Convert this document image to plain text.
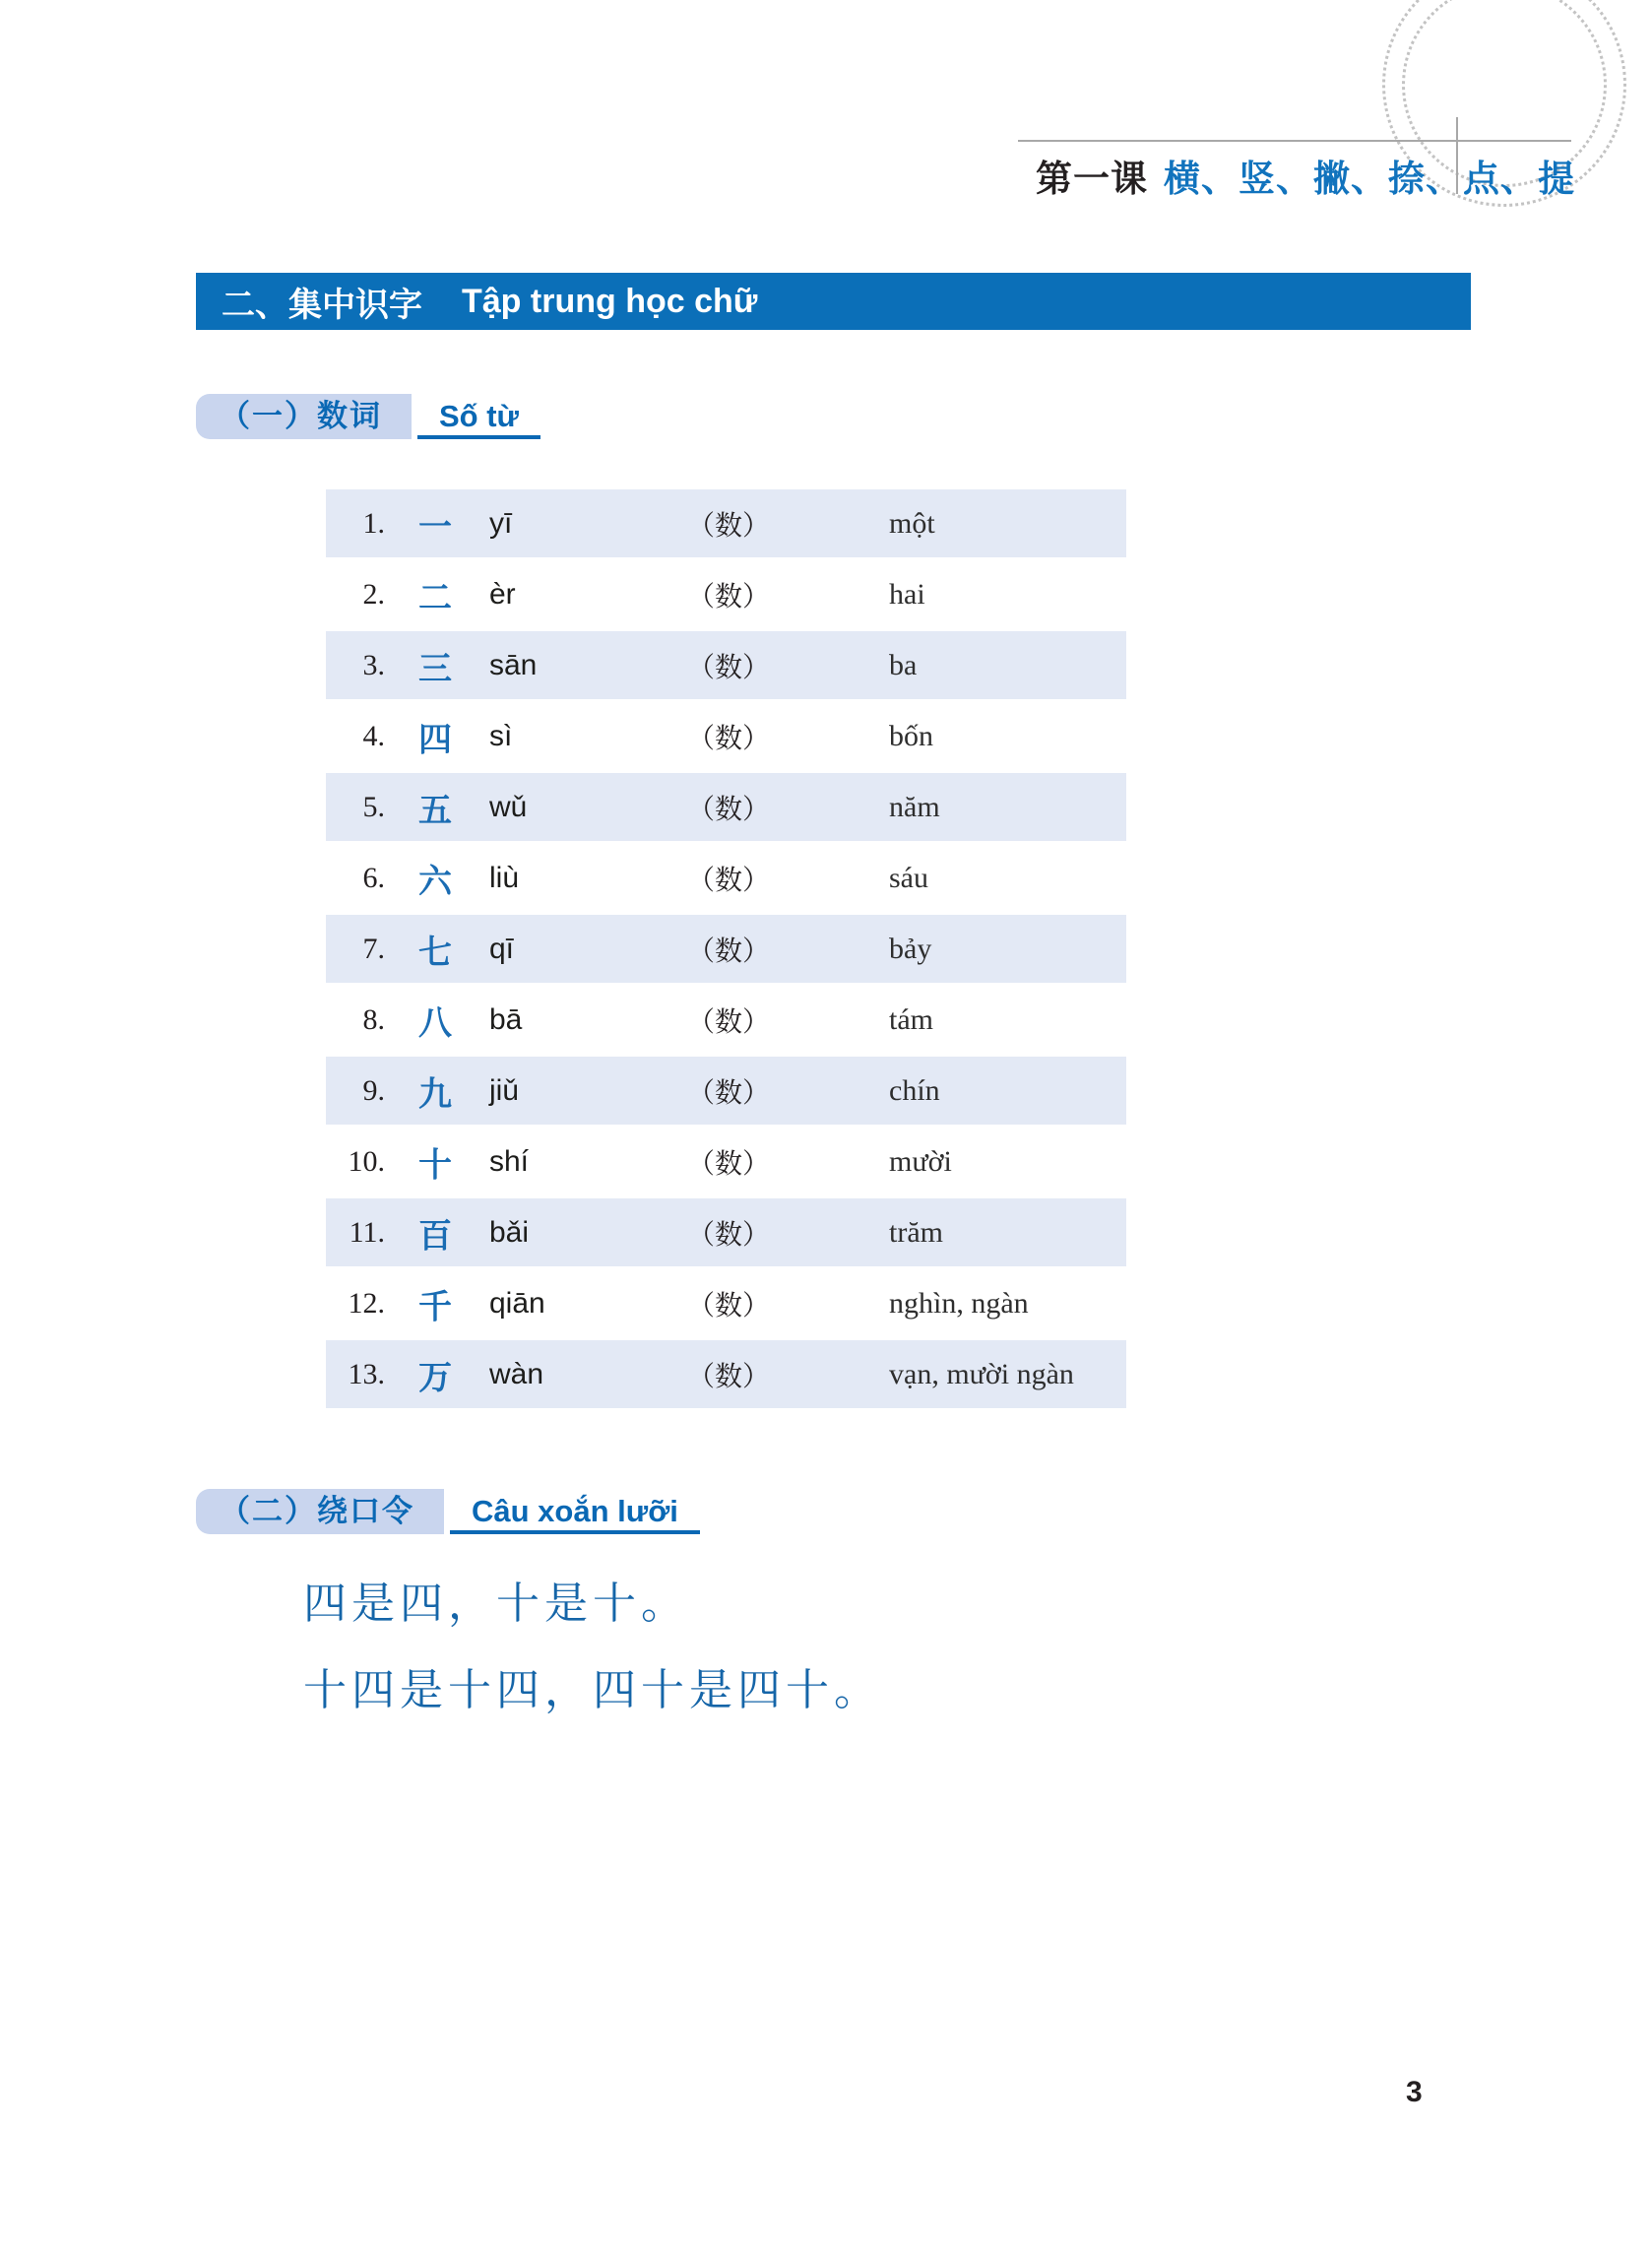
第一课 横、竖、撇、捺、点、提
二、集中识字 Tập trung học chữ
（一）数词	Số từ
1. 一 yī	（数）	một
2. 二 èr	（数）	hai
3. 三 sān	（数）	ba
4. 四 sì	（数）	bốn
5. 五 wǔ	（数）	năm
6. 六 liù	（数）	sáu
7. 七 qī	（数）	bảy
8. 八 bā	（数）	tám
9. 九 jiǔ	（数）	chín
10. 十 shí	（数）	mười
11. 百 bǎi	（数）	trăm
12. 千 qiān	（数）	nghìn, ngàn
13. 万 wàn	（数）	vạn, mười ngàn
（二）绕口令	Câu xoắn lưỡi
四是四，十是十。
十四是十四，四十是四十。
3
